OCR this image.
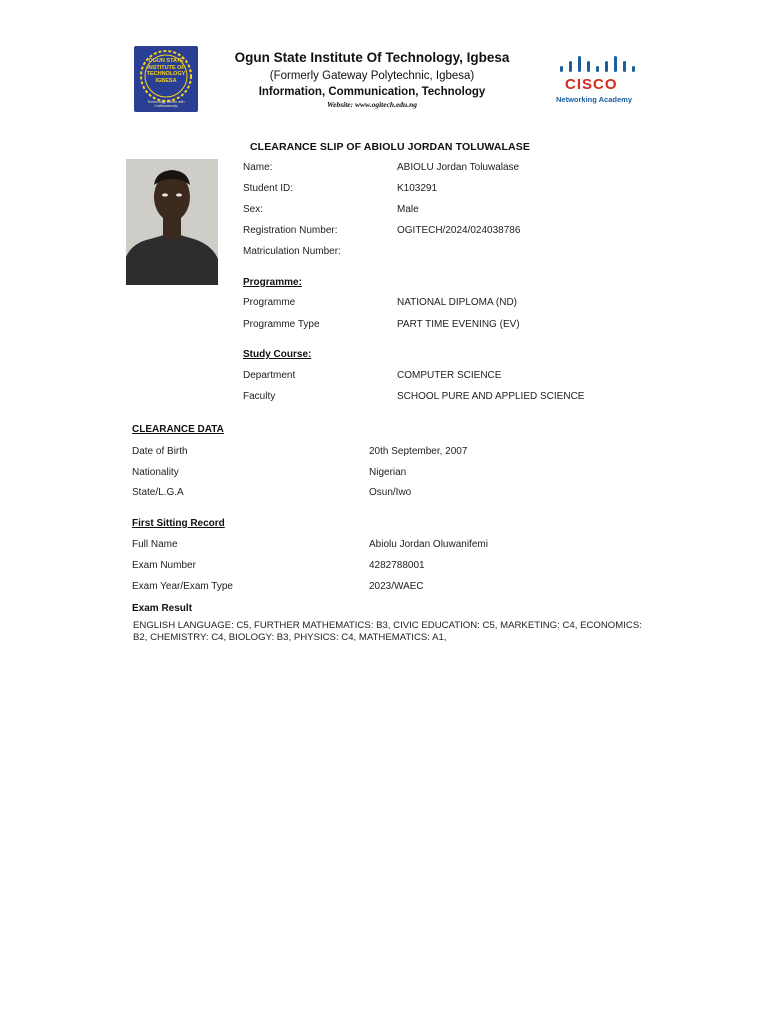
OGUN STATE INSTITUTE OF TECHNOLOGY IGBESA
Technology Driven with Craftsmanship
Ogun State Institute Of Technology, Igbesa
(Formerly Gateway Polytechnic, Igbesa)
Information, Communication, Technology
Website: www.ogitech.edu.ng
CISCO
Networking Academy
CLEARANCE SLIP OF ABIOLU JORDAN TOLUWALASE
Name:	ABIOLU Jordan Toluwalase
Student ID:	K103291
Sex:	Male
Registration Number:	OGITECH/2024/024038786
Matriculation Number:
Programme:
Programme	NATIONAL DIPLOMA (ND)
Programme Type	PART TIME EVENING (EV)
Study Course:
Department	COMPUTER SCIENCE
Faculty	SCHOOL PURE AND APPLIED SCIENCE
CLEARANCE DATA
Date of Birth	20th September, 2007
Nationality	Nigerian
State/L.G.A	Osun/Iwo
First Sitting Record
Full Name	Abiolu Jordan Oluwanifemi
Exam Number	4282788001
Exam Year/Exam Type	2023/WAEC
Exam Result
ENGLISH LANGUAGE: C5, FURTHER MATHEMATICS: B3, CIVIC EDUCATION: C5, MARKETING: C4, ECONOMICS: B2, CHEMISTRY: C4, BIOLOGY: B3, PHYSICS: C4, MATHEMATICS: A1,
